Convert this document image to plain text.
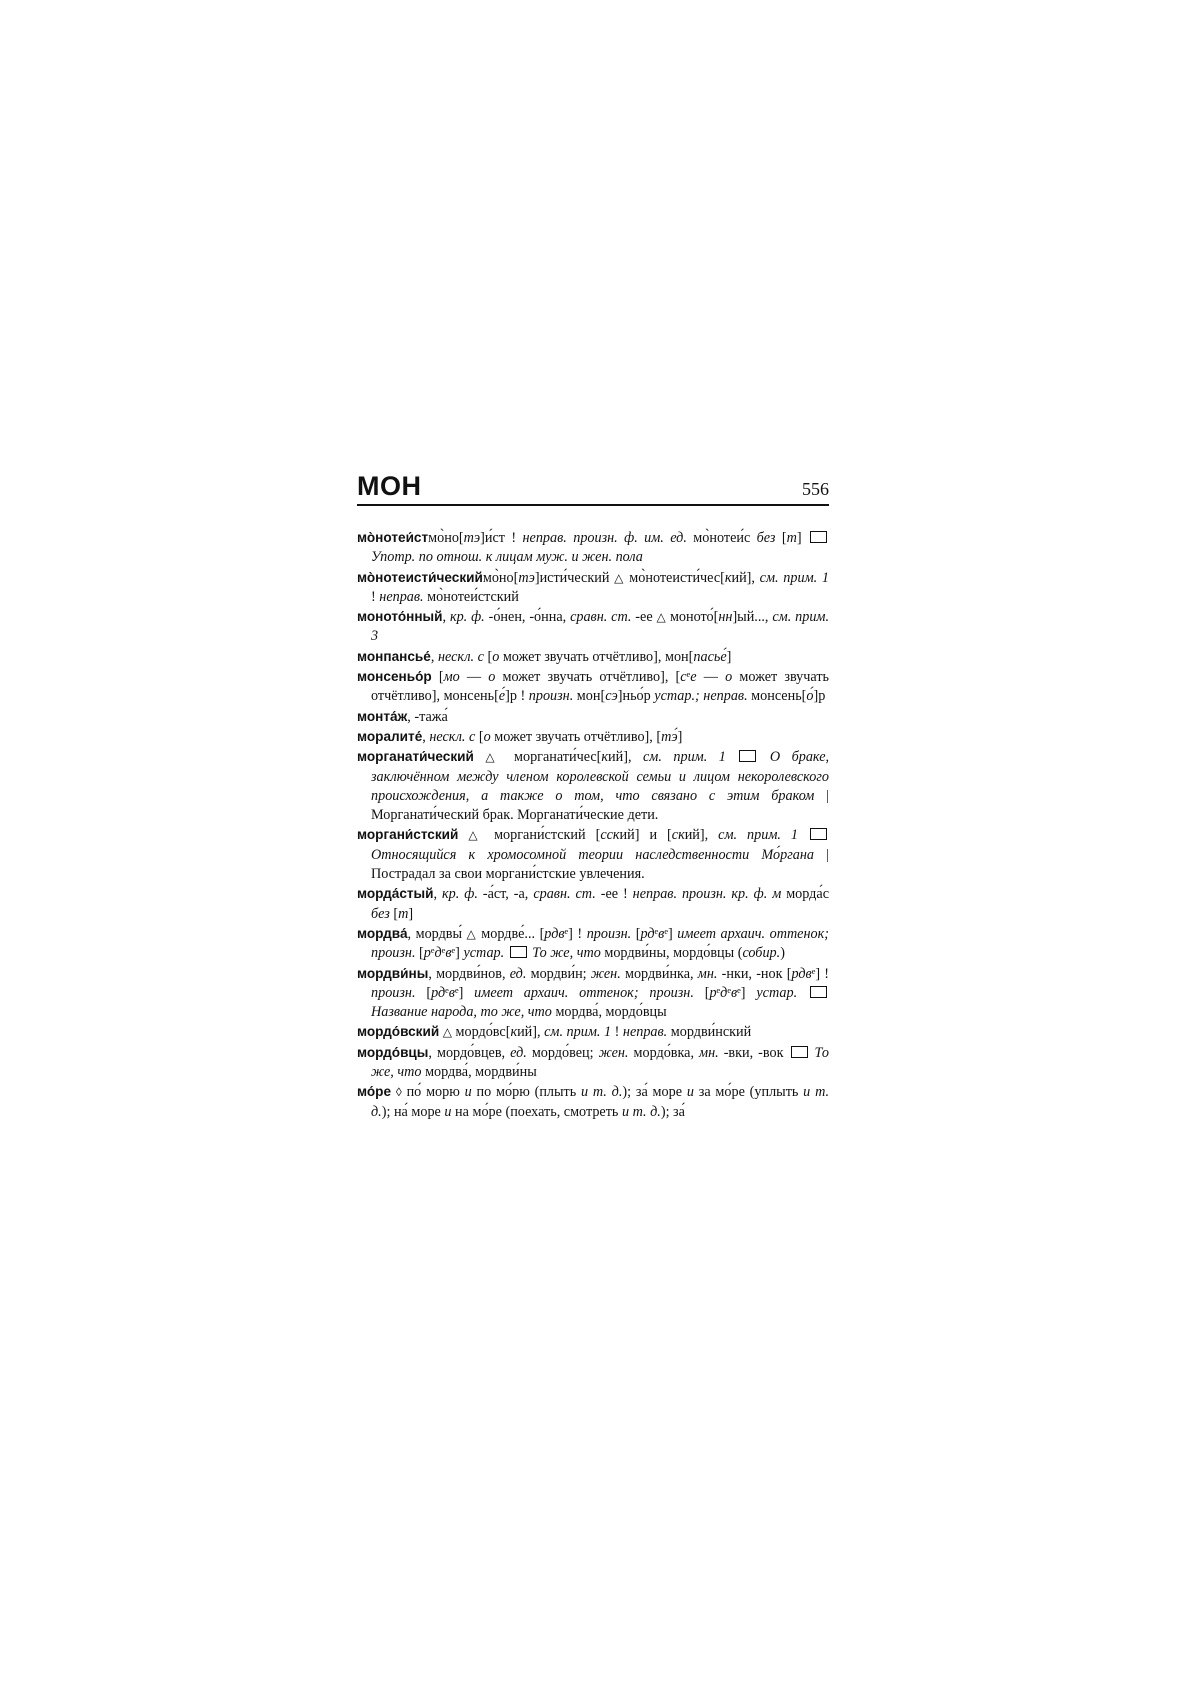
МОН	556
мо̀нотеи́стмо̀но[тэ]и́ст ! неправ. произн. ф. им. ед. мо̀нотеи́с без [т]  Употр. по отнош. к лицам муж. и жен. пола
мо̀нотеисти́ческиймо̀но[тэ]исти́ческий △ мо̀нотеисти́чес[кий], см. прим. 1 ! неправ. мо̀нотеи́стский
моното́нный, кр. ф. -о́нен, -о́нна, сравн. ст. -ее △ моното́[нн]ый..., см. прим. 3
монпансье́, нескл. с [о может звучать отчётливо], мон[пасье́]
монсеньо́р [мо — о может звучать отчётливо], [сᵉе — о может звучать отчётливо], монсень[е́]р ! произн. мон[сэ]ньо́р устар.; неправ. монсень[о́]р
монта́ж, -тажа́
моралите́, нескл. с [о может звучать отчётливо], [тэ́]
морганати́ческий △ морганати́чес[кий], см. прим. 1	О браке, заключённом между членом королевской семьи и лицом некоролевского происхождения, а также о том, что связано с этим браком | Морганати́ческий брак. Морганати́ческие дети.
моргани́стский △ моргани́стский [сский] и [ский], см. прим. 1  Относящийся к хромосомной теории наследственности Мо́ргана | Пострадал за свои моргани́стские увлечения.
морда́стый, кр. ф. -а́ст, -а, сравн. ст. -ее ! неправ. произн. кр. ф. м морда́с без [т]
мордва́, мордвы́ △ мордве́... [рдвᵉ] ! произн. [рдᵉвᵉ] имеет архаич. оттенок; произн. [рᵉдᵉвᵉ] устар. То же, что мордви́ны, мордо́вцы (собир.)
мордви́ны, мордви́нов, ед. мордви́н; жен. мордви́нка, мн. -нки, -нок [рдвᵉ] ! произн. [рдᵉвᵉ] имеет архаич. оттенок; произн. [рᵉдᵉвᵉ] устар.  Название народа, то же, что мордва́, мордо́вцы
мордо́вский △ мордо́вс[кий], см. прим. 1 ! неправ. мордви́нский
мордо́вцы, мордо́вцев, ед. мордо́вец; жен. мордо́вка, мн. -вки, -вок  То же, что мордва́, мордви́ны
мо́ре ◊ по́ морю и по мо́рю (плыть и т. д.); за́ море и за мо́ре (уплыть и т. д.); на́ море и на мо́ре (поехать, смотреть и т. д.); за́
